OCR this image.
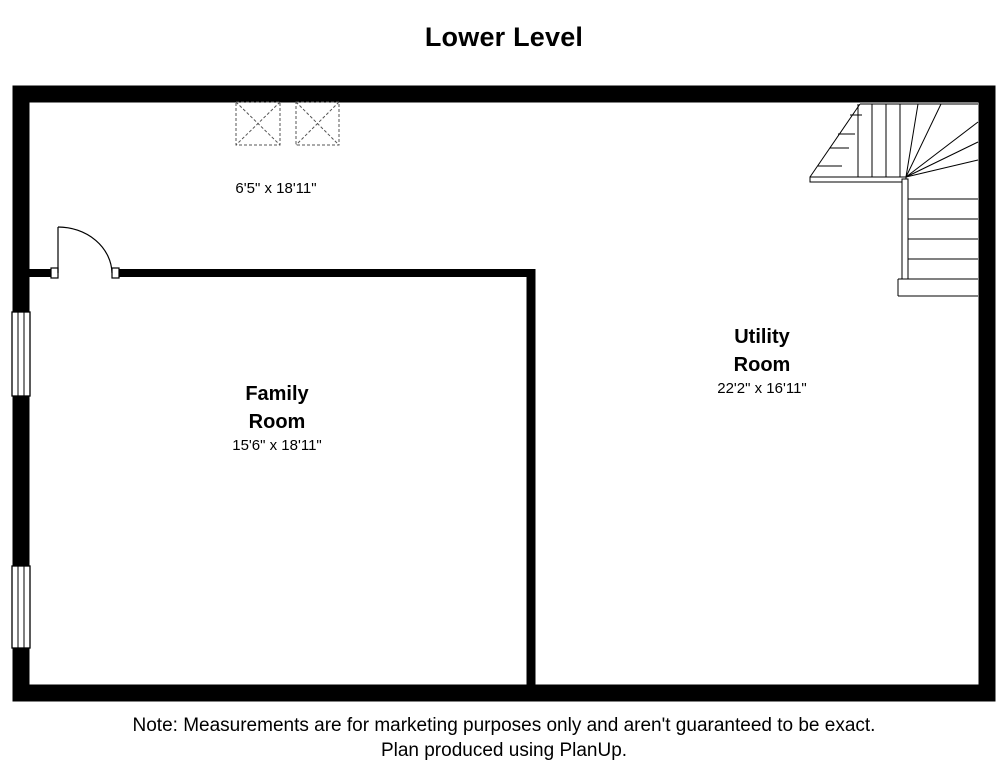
Lower Level
6'5" x 18'11"
Family
Room
15'6" x 18'11"
Utility
Room
22'2" x 16'11"
Note: Measurements are for marketing purposes only and aren't guaranteed to be exact.
Plan produced using PlanUp.
